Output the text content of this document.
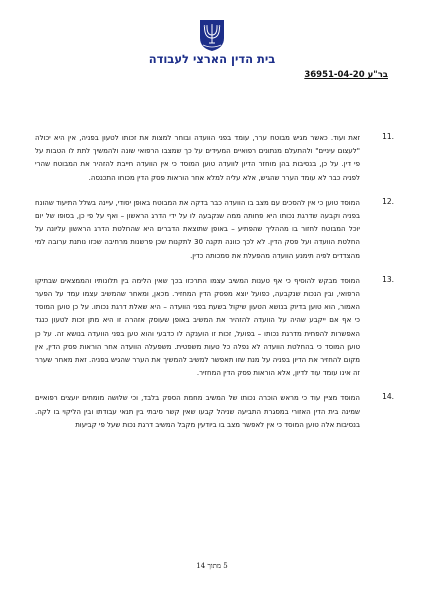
בית הדין הארצי לעבודה
בר"ע 36951-04-20
11.
זאת ועוד. כאשר מגיש מבוטח ערר, עומד בפני הוועדה ובוחר למצות את זכותו לטעון בפניה, אין היא יכולה "לעצום עיניים" ולהתעלם מנתונים רפואיים המעידים על כך שמצבו הרפואי שונה ולהמשיך לתת לו הטבות על פי דין. על כן, בנסיבות בהן מוחזר הדיון לוועדה טוען המוסד כי אין הוועדה חייבת להזהיר את המבוטח שהרי לפניה כבר לא עומד הערר שהגיש, אלא עליה למלא אחר הוראות פסק הדין מכוחו התכנסה.
12.
המוסד טוען כי אין להסכים עם מצב בו הוועדה כבר בדקה את המבוטח באופן יסודי, עיינה בשלל התיעוד שהונח בפניה וקבעה שדרגת נכותו היא פחותה ממה שנקבעה לו על ידי הדרג הראשון – ואף על פי כן, בסופו של יום יוכל המבוטח לחזור בו מההליך שהפתיע – באופן שתוצאת הדברים היא שהחלטת הדרג הראשון עליונה על החלטת הוועדה ועל פסק הדין. לא לכך כוונה תקנה 30 לתקנות שכן פרשנות מרחיבה שכזו נותנת ערובה למי מהצדדים לפיה תימנע הוועדה מהפעלת את סמכותה כדין.
13.
המוסד מבקש להוסיף כי אף טענות המשיב עצמו התרכזו בכך שאין הלימה בין תלונותיו והממצאים שבתיקו הרפואי, ובין הנכות שנקבעה, כפועל יוצא מפסק הדין המחזיר. מכאן, ומאחר שהמשיב עצמו עמד על הפער האמור, הוא טוען בדיוק בנושא הטעון שיקול בשעת בפני הוועדה – היא שאלת דרגת נכותו. על כן טוען המוסד כי אף אם ייקבע שהיה על הוועדה להזהיר את המשיב באופן שעוסק אזהרה זו היא מתן זכות לטעון כנגד האפשרות להפחית מדרגת נכותו – בפועל, זכות זו הוענקה לו כדבעי והוא טען בפני הוועדה בנושא זה. על כן טוען המוסד כי בהחלטת הוועדה לא נפלה כל טעות משפטית. משפעלה הוועדה אחר הוראות פסק הדין, אין מקום להחזיר את הדיון בפניה על מנת שזו תאפשר למשיב להמשיך את הערר שהגיש בפניה. זאת מאחר שערר זה אינו עומד עוד לדיון, אלא הוראות פסק הדין המחזיר.
14.
המוסד מציין עוד כי מראש הוכרה נכותו של המשיב מחמת הספק בלבד, וכי שלושה מומחים יועצים רפואיים שמינה בית הדין האזורי במסגרת התביעה שניהל קבעו שאין קשר סיבתי בין תנאי עבודתו ובין הליקוי בו לקה. בנסיבות אלה טוען המוסד כי אין לאפשר מצב בו ביודעין מקבל המשיב דרגת נכות שעל פי קביעות
5 מתוך 14
